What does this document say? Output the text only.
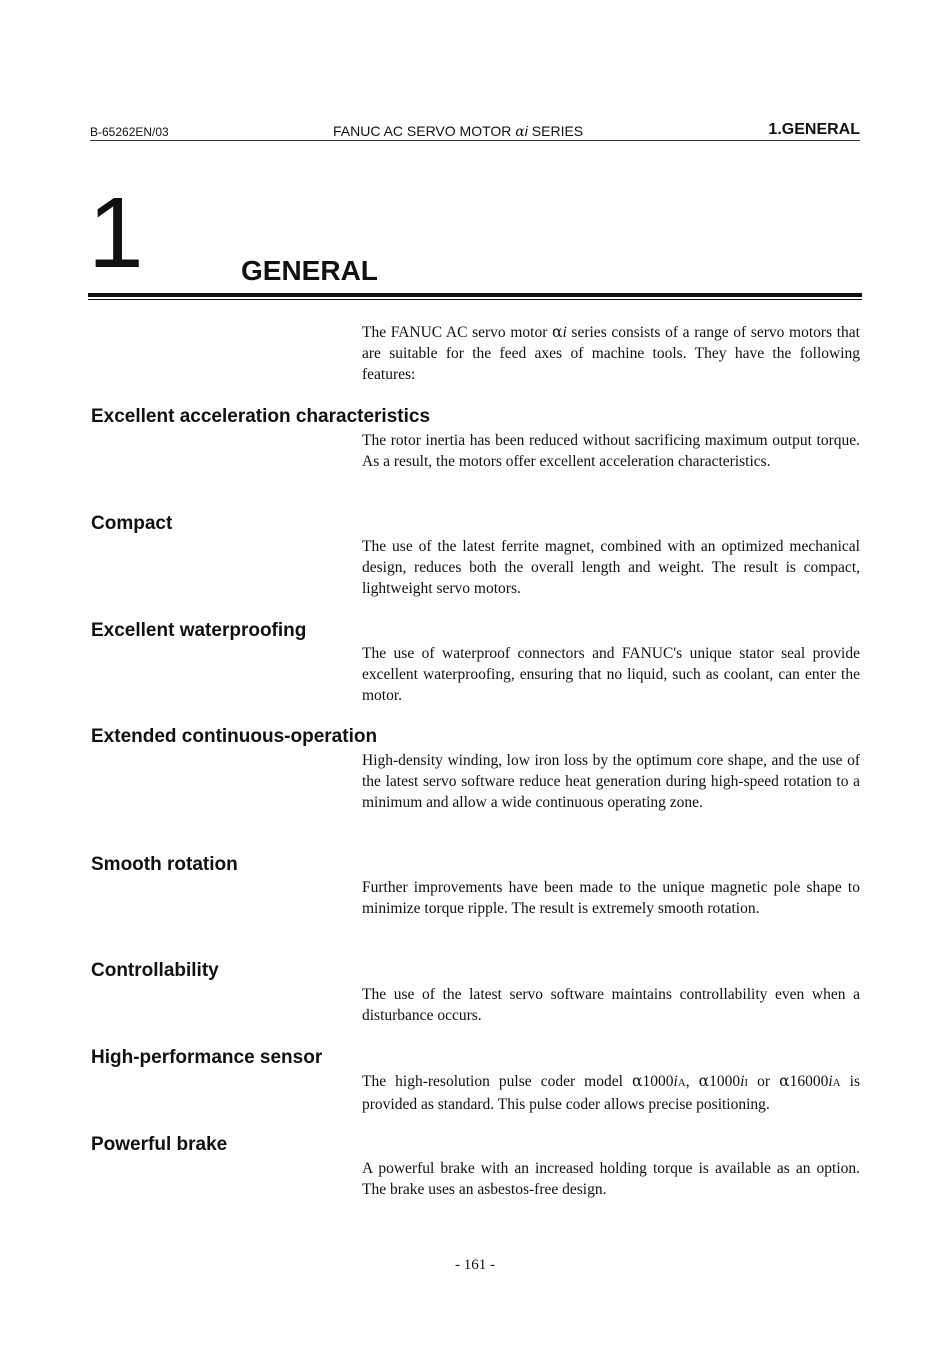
B-65262EN/03	FANUC AC SERVO MOTOR αi SERIES	1.GENERAL
1	GENERAL
The FANUC AC servo motor αi series consists of a range of servo motors that are suitable for the feed axes of machine tools. They have the following features:
Excellent acceleration characteristics
The rotor inertia has been reduced without sacrificing maximum output torque. As a result, the motors offer excellent acceleration characteristics.
Compact
The use of the latest ferrite magnet, combined with an optimized mechanical design, reduces both the overall length and weight. The result is compact, lightweight servo motors.
Excellent waterproofing
The use of waterproof connectors and FANUC's unique stator seal provide excellent waterproofing, ensuring that no liquid, such as coolant, can enter the motor.
Extended continuous-operation
High-density winding, low iron loss by the optimum core shape, and the use of the latest servo software reduce heat generation during high-speed rotation to a minimum and allow a wide continuous operating zone.
Smooth rotation
Further improvements have been made to the unique magnetic pole shape to minimize torque ripple. The result is extremely smooth rotation.
Controllability
The use of the latest servo software maintains controllability even when a disturbance occurs.
High-performance sensor
The high-resolution pulse coder model α1000iA, α1000iI or α16000iA is provided as standard. This pulse coder allows precise positioning.
Powerful brake
A powerful brake with an increased holding torque is available as an option. The brake uses an asbestos-free design.
- 161 -
